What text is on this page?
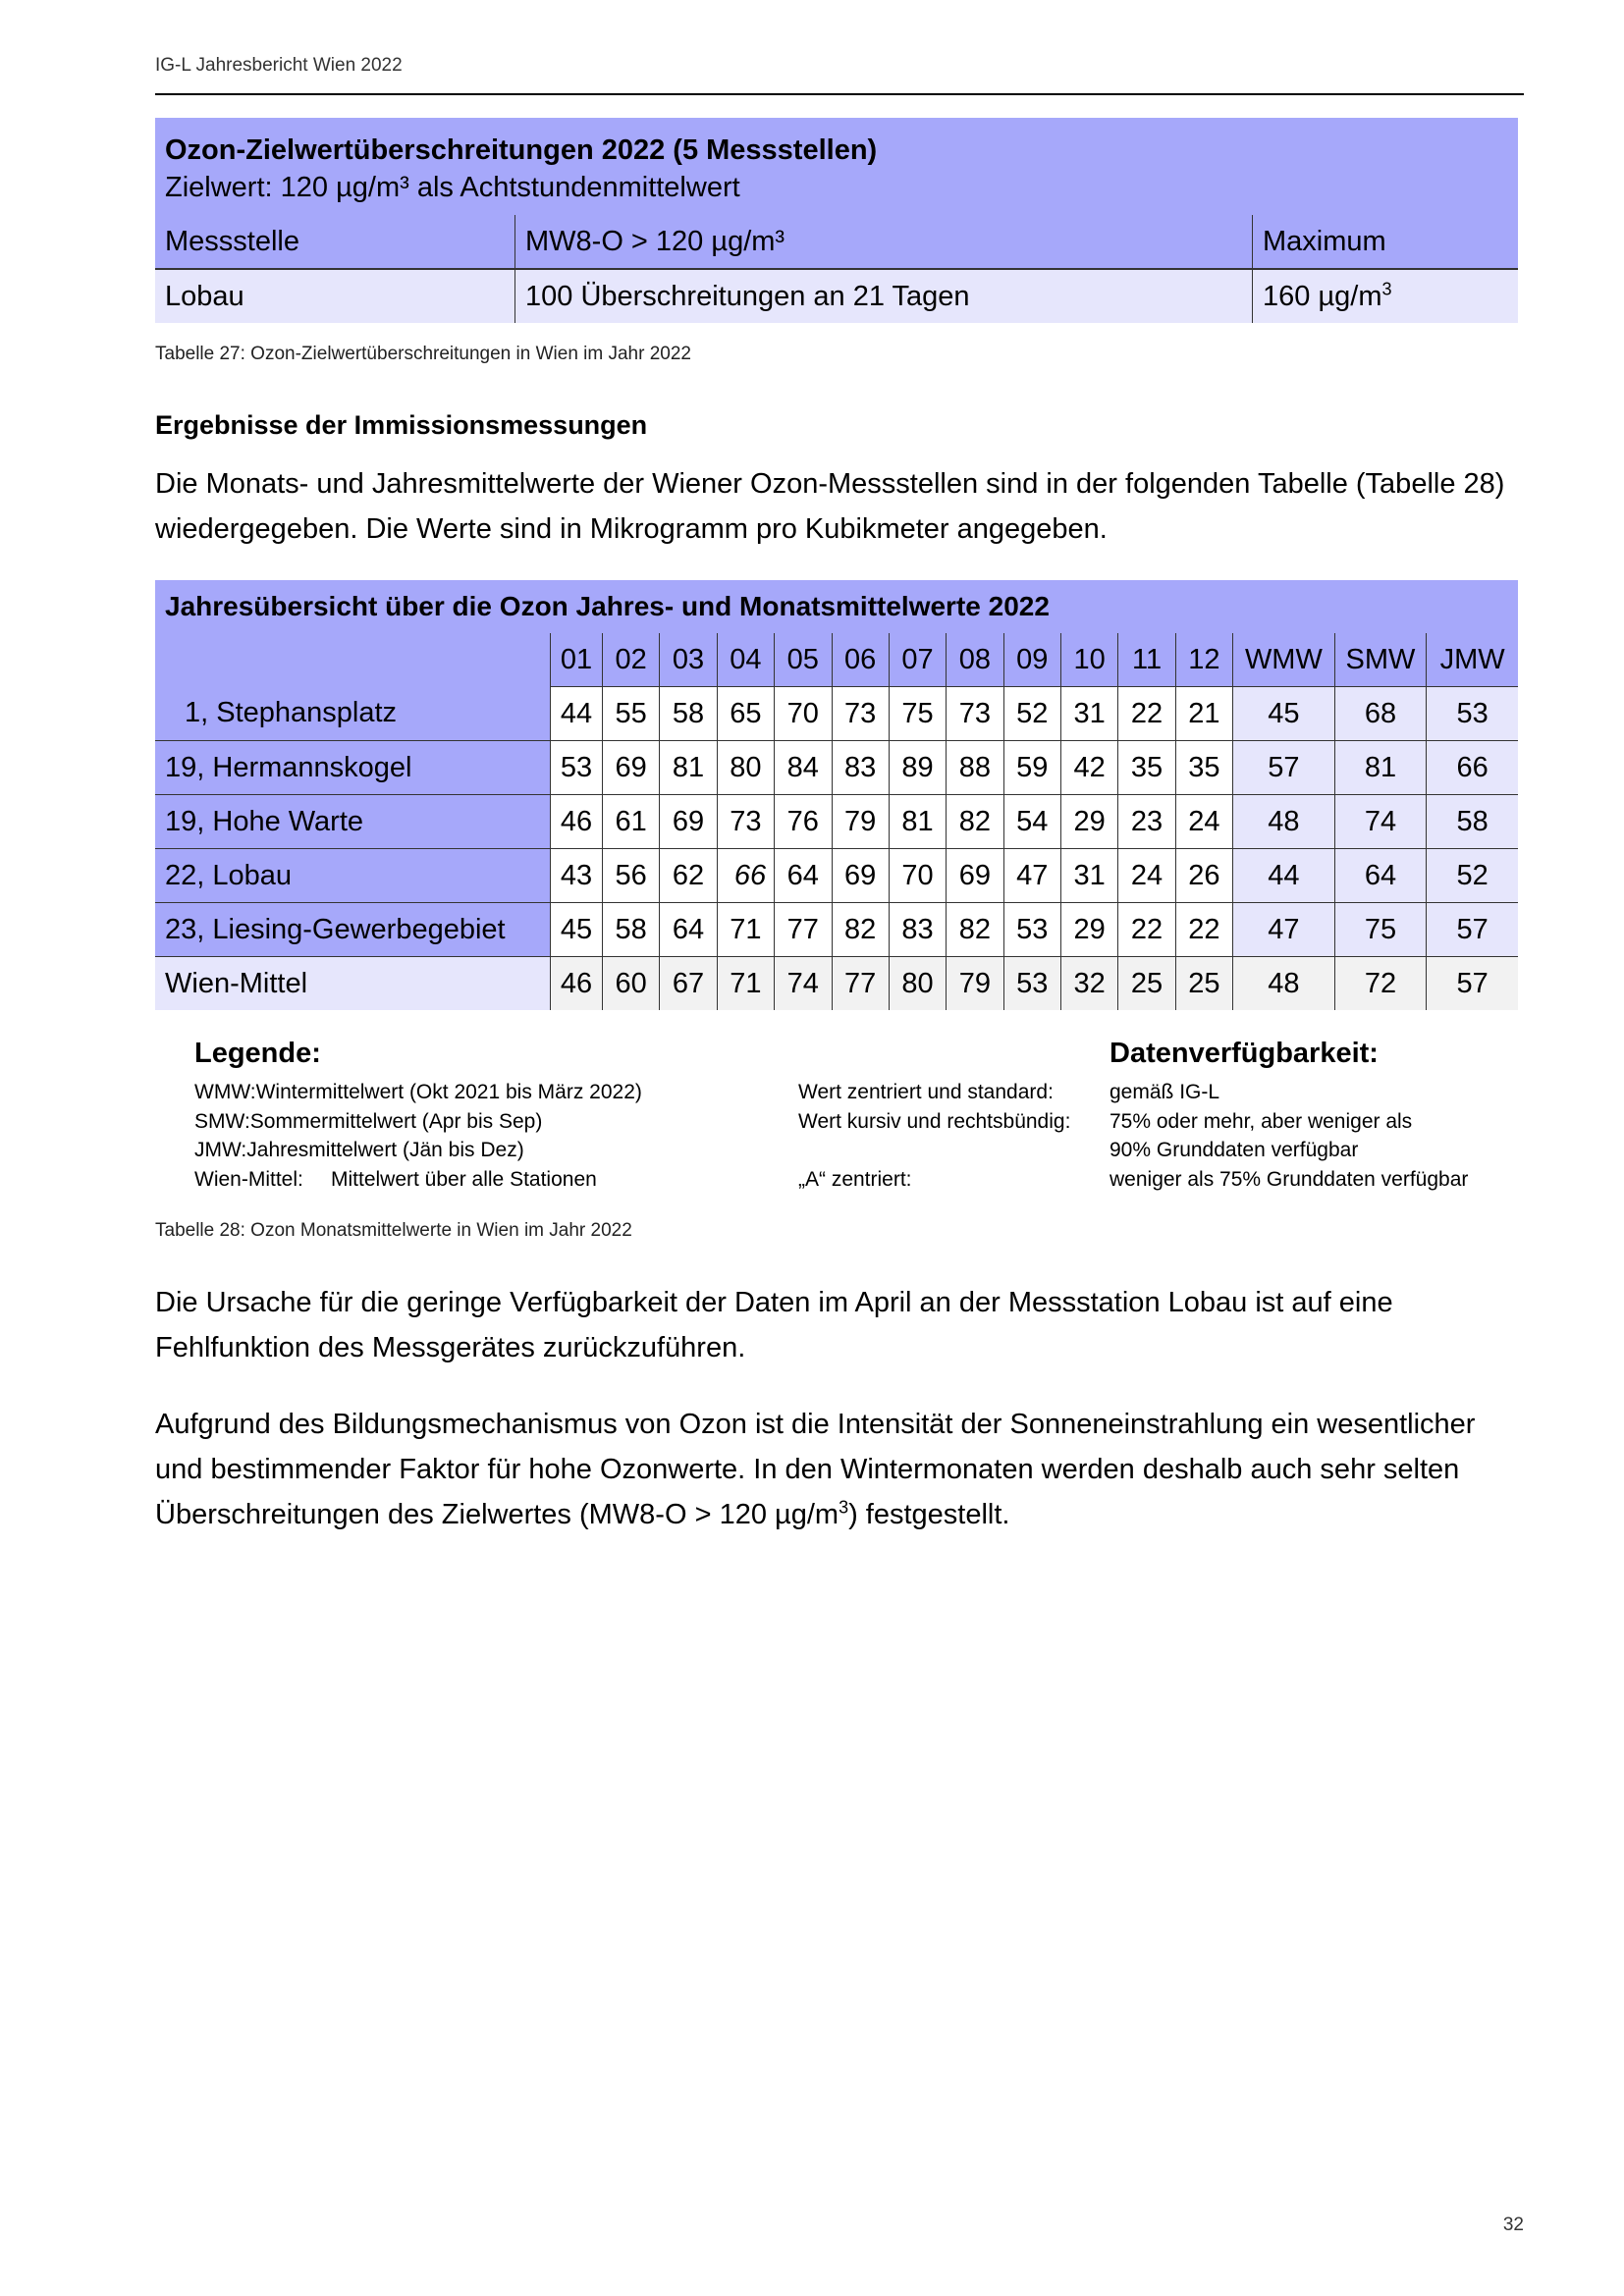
IG-L Jahresbericht Wien 2022
Ozon-Zielwertüberschreitungen 2022 (5 Messstellen)
Zielwert: 120 µg/m³ als Achtstundenmittelwert		
Messstelle	MW8-O > 120 µg/m³	Maximum
Lobau	100 Überschreitungen an 21 Tagen	160 $\mu g/m^3$
Tabelle 27: Ozon-Zielwertüberschreitungen in Wien im Jahr 2022
Ergebnisse der Immissionsmessungen
Die Monats- und Jahresmittelwerte der Wiener Ozon-Messstellen sind in der folgenden Tabelle (Tabelle 28) wiedergegeben. Die Werte sind in Mikrogramm pro Kubikmeter angegeben.
Jahresübersicht über die Ozon Jahres- und Monatsmittelwerte 2022															
	01	02	03	04	05	06	07	08	09	10	11	12	WMW	SMW	JMW
1, Stephansplatz	44	55	58	65	70	73	75	73	52	31	22	21	45	68	53
19, Hermannskogel	53	69	81	80	84	83	89	88	59	42	35	35	57	81	66
19, Hohe Warte	46	61	69	73	76	79	81	82	54	29	23	24	48	74	58
22, Lobau	43	56	62	66	64	69	70	69	47	31	24	26	44	64	52
23, Liesing-Gewerbegebiet	45	58	64	71	77	82	83	82	53	29	22	22	47	75	57
Wien-Mittel	46	60	67	71	74	77	80	79	53	32	25	25	48	72	57
Legende:
WMW:Wintermittelwert (Okt 2021 bis März 2022)
SMW:Sommermittelwert (Apr bis Sep)
JMW:Jahresmittelwert (Jän bis Dez)
Wien-Mittel: Mittelwert über alle Stationen
Wert zentriert und standard:
Wert kursiv und rechtsbündig:
„A“ zentriert:
Datenverfügbarkeit:
gemäß IG-L
75% oder mehr, aber weniger als
90% Grunddaten verfügbar
weniger als 75% Grunddaten verfügbar
Tabelle 28: Ozon Monatsmittelwerte in Wien im Jahr 2022
Die Ursache für die geringe Verfügbarkeit der Daten im April an der Messstation Lobau ist auf eine Fehlfunktion des Messgerätes zurückzuführen.
Aufgrund des Bildungsmechanismus von Ozon ist die Intensität der Sonneneinstrahlung ein wesentlicher und bestimmender Faktor für hohe Ozonwerte. In den Wintermonaten werden deshalb auch sehr selten Überschreitungen des Zielwertes (MW8-O > 120 $\mu g/m^3$) festgestellt.
32
